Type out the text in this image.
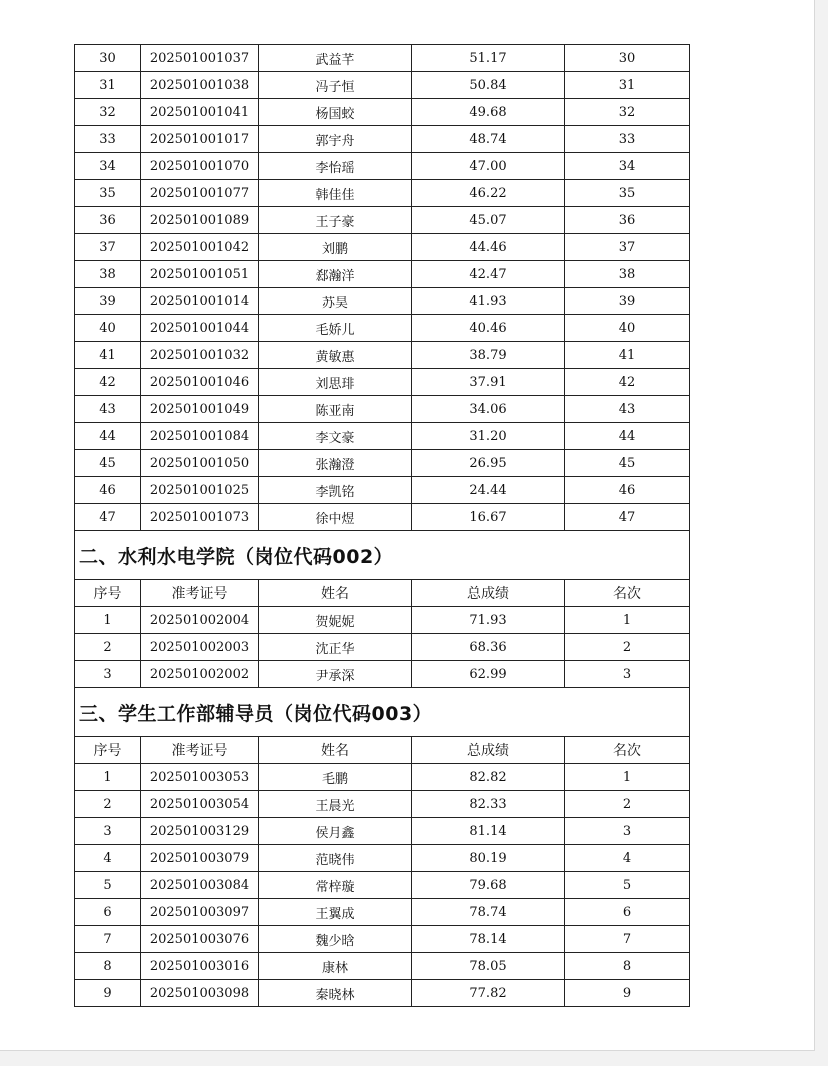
30	202501001037	武益芊	51.17	30
31	202501001038	冯子恒	50.84	31
32	202501001041	杨国蛟	49.68	32
33	202501001017	郭宇舟	48.74	33
34	202501001070	李怡瑶	47.00	34
35	202501001077	韩佳佳	46.22	35
36	202501001089	王子豪	45.07	36
37	202501001042	刘鹏	44.46	37
38	202501001051	郄瀚洋	42.47	38
39	202501001014	苏昊	41.93	39
40	202501001044	毛娇儿	40.46	40
41	202501001032	黄敏惠	38.79	41
42	202501001046	刘思琲	37.91	42
43	202501001049	陈亚南	34.06	43
44	202501001084	李文豪	31.20	44
45	202501001050	张瀚澄	26.95	45
46	202501001025	李凯铭	24.44	46
47	202501001073	徐中煜	16.67	47
二、水利水电学院（岗位代码002）				
序号	准考证号	姓名	总成绩	名次
1	202501002004	贺妮妮	71.93	1
2	202501002003	沈正华	68.36	2
3	202501002002	尹承深	62.99	3
三、学生工作部辅导员（岗位代码003）				
序号	准考证号	姓名	总成绩	名次
1	202501003053	毛鹏	82.82	1
2	202501003054	王晨光	82.33	2
3	202501003129	侯月鑫	81.14	3
4	202501003079	范晓伟	80.19	4
5	202501003084	常梓璇	79.68	5
6	202501003097	王翼成	78.74	6
7	202501003076	魏少晗	78.14	7
8	202501003016	康林	78.05	8
9	202501003098	秦晓林	77.82	9
